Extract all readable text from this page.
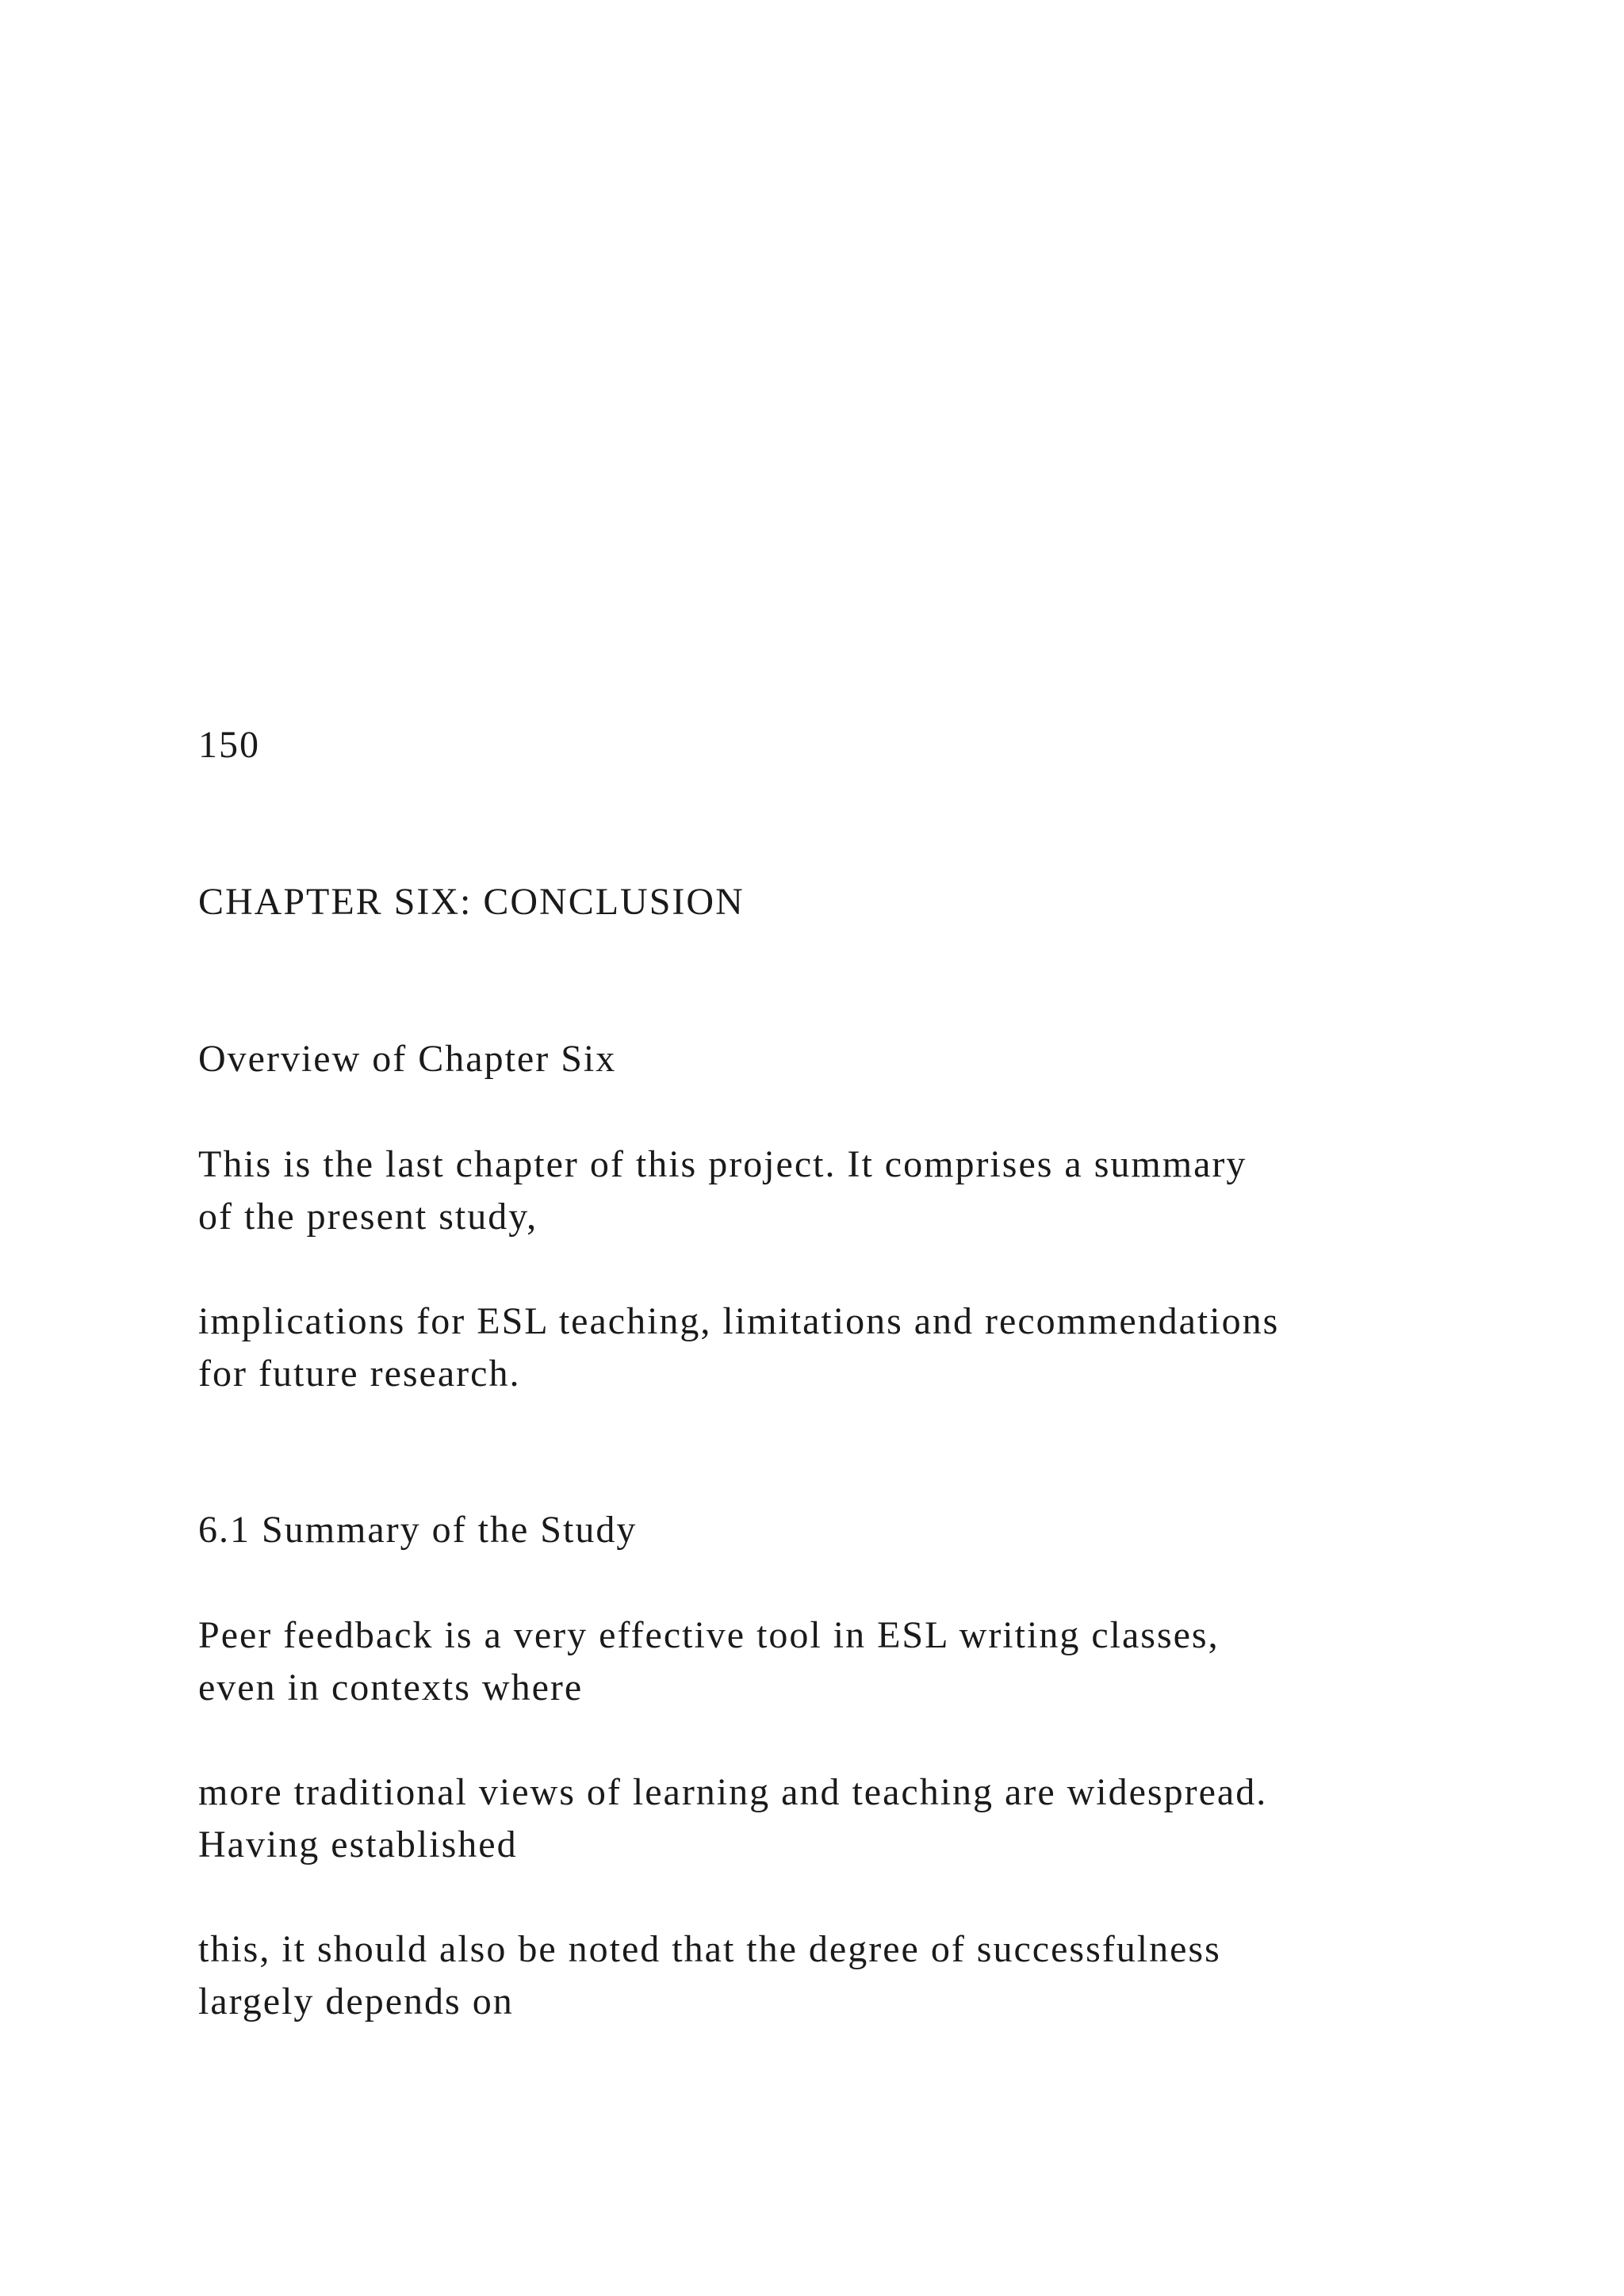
150

CHAPTER SIX: CONCLUSION

Overview of Chapter Six

This is the last chapter of this project. It comprises a summary
of the present study,
implications for ESL teaching, limitations and recommendations
for future research.

6.1 Summary of the Study

Peer feedback is a very effective tool in ESL writing classes,
even in contexts where
more traditional views of learning and teaching are widespread.
Having established
this, it should also be noted that the degree of successfulness
largely depends on
